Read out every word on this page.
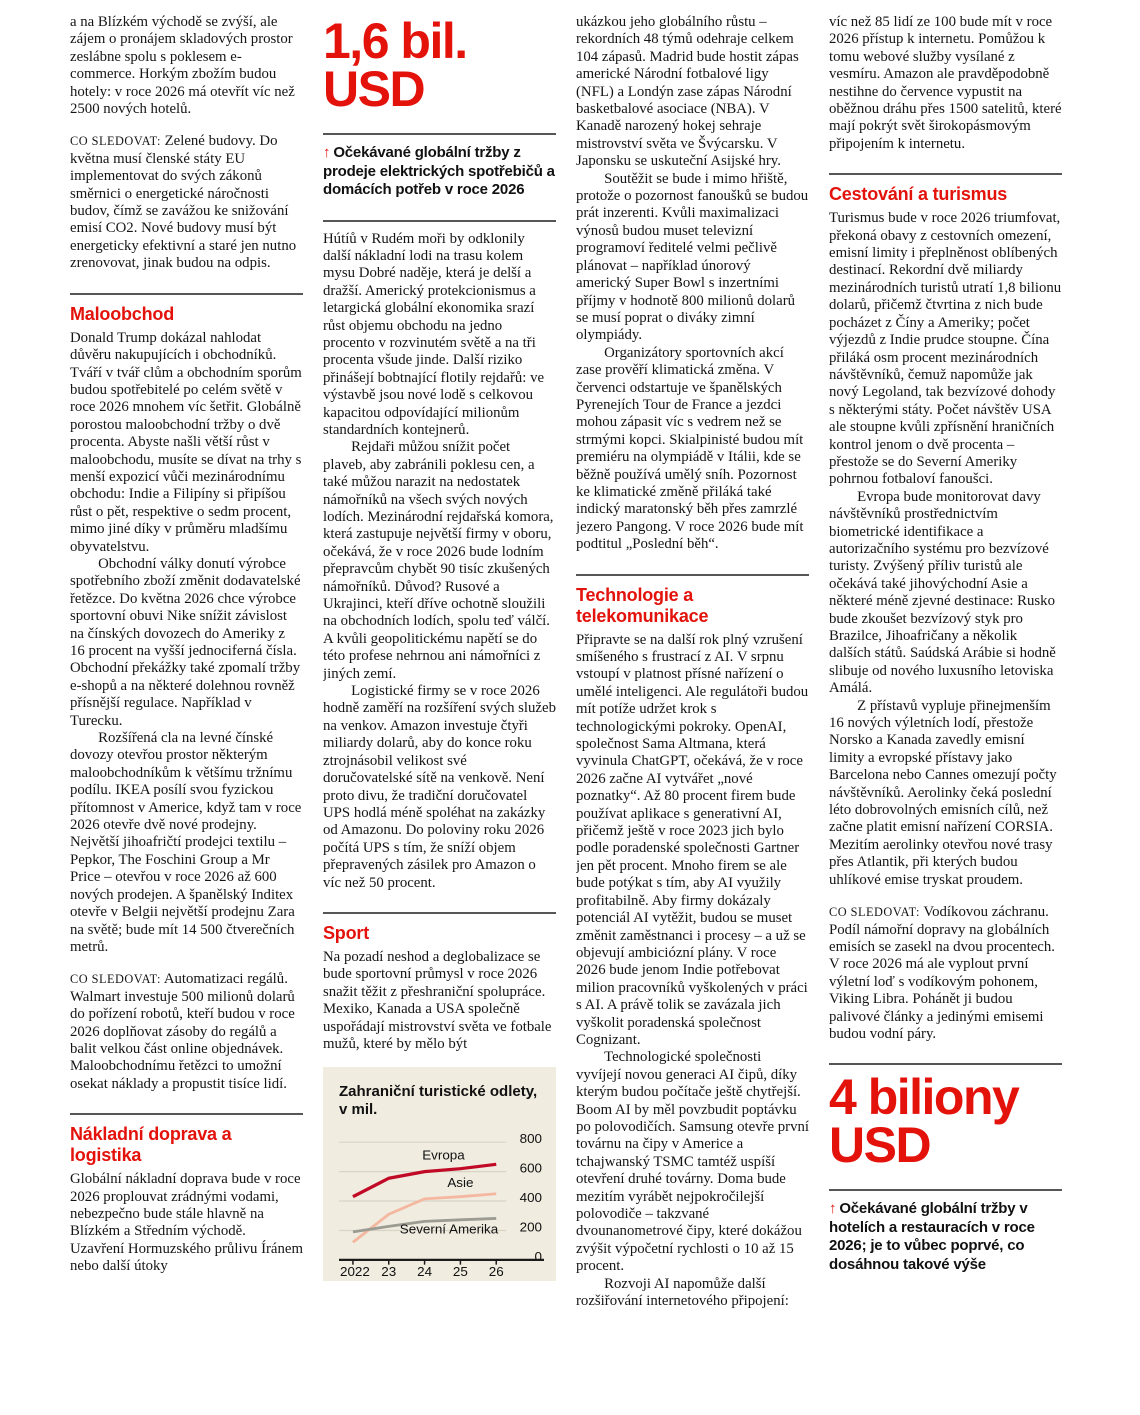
a na Blízkém východě se zvýší, ale zájem o pronájem skladových prostor zeslábne spolu s poklesem e-commerce. Horkým zbožím budou hotely: v roce 2026 má otevřít víc než 2500 nových hotelů.

CO SLEDOVAT: Zelené budovy. Do května musí členské státy EU implementovat do svých zákonů směrnici o energetické náročnosti budov, čímž se zavážou ke snižování emisí CO2. Nové budovy musí být energeticky efektivní a staré jen nutno zrenovovat, jinak budou na odpis.

Maloobchod

Donald Trump dokázal nahlodat důvěru nakupujících i obchodníků. Tváří v tvář clům a obchodním sporům budou spotřebitelé po celém světě v roce 2026 mnohem víc šetřit. Globálně porostou maloobchodní tržby o dvě procenta. Abyste našli větší růst v maloobchodu, musíte se dívat na trhy s menší expozicí vůči mezinárodnímu obchodu: Indie a Filipíny si připíšou růst o pět, respektive o sedm procent, mimo jiné díky v průměru mladšímu obyvatelstvu.

Obchodní války donutí výrobce spotřebního zboží změnit dodavatelské řetězce. Do května 2026 chce výrobce sportovní obuvi Nike snížit závislost na čínských dovozech do Ameriky z 16 procent na vyšší jednociferná čísla. Obchodní překážky také zpomalí tržby e-shopů a na některé dolehnou rovněž přísnější regulace. Například v Turecku.

Rozšířená cla na levné čínské dovozy otevřou prostor některým maloobchodníkům k většímu tržnímu podílu. IKEA posílí svou fyzickou přítomnost v Americe, když tam v roce 2026 otevře dvě nové prodejny. Největší jihoafričtí prodejci textilu – Pepkor, The Foschini Group a Mr Price – otevřou v roce 2026 až 600 nových prodejen. A španělský Inditex otevře v Belgii největší prodejnu Zara na světě; bude mít 14 500 čtverečních metrů.

CO SLEDOVAT: Automatizaci regálů. Walmart investuje 500 milionů dolarů do pořízení robotů, kteří budou v roce 2026 doplňovat zásoby do regálů a balit velkou část online objednávek. Maloobchodnímu řetězci to umožní osekat náklady a propustit tisíce lidí.

Nákladní doprava a logistika

Globální nákladní doprava bude v roce 2026 proplouvat zrádnými vodami, nebezpečno bude stále hlavně na Blízkém a Středním východě. Uzavření Hormuzského průlivu Íránem nebo další útoky

1,6 bil.
USD

↑ Očekávané globální tržby z prodeje elektrických spotřebičů a domácích potřeb v roce 2026

Hútíů v Rudém moři by odklonily další nákladní lodi na trasu kolem mysu Dobré naděje, která je delší a dražší. Americký protekcionismus a letargická globální ekonomika srazí růst objemu obchodu na jedno procento v rozvinutém světě a na tři procenta všude jinde. Další riziko přinášejí bobtnající flotily rejdařů: ve výstavbě jsou nové lodě s celkovou kapacitou odpovídající milionům standardních kontejnerů.

Rejdaři můžou snížit počet plaveb, aby zabránili poklesu cen, a také můžou narazit na nedostatek námořníků na všech svých nových lodích. Mezinárodní rejdařská komora, která zastupuje největší firmy v oboru, očekává, že v roce 2026 bude lodním přepravcům chybět 90 tisíc zkušených námořníků. Důvod? Rusové a Ukrajinci, kteří dříve ochotně sloužili na obchodních lodích, spolu teď válčí. A kvůli geopolitickému napětí se do této profese nehrnou ani námořníci z jiných zemí.

Logistické firmy se v roce 2026 hodně zaměří na rozšíření svých služeb na venkov. Amazon investuje čtyři miliardy dolarů, aby do konce roku ztrojnásobil velikost své doručovatelské sítě na venkově. Není proto divu, že tradiční doručovatel UPS hodlá méně spoléhat na zakázky od Amazonu. Do poloviny roku 2026 počítá UPS s tím, že sníží objem přepravených zásilek pro Amazon o víc než 50 procent.

Sport

Na pozadí neshod a deglobalizace se bude sportovní průmysl v roce 2026 snažit těžit z přeshraniční spolupráce. Mexiko, Kanada a USA společně uspořádají mistrovství světa ve fotbale mužů, které by mělo být

Zahraniční turistické odlety,
v mil.
800
600
400
200
0
Evropa
Asie
Severní Amerika
2022 23 24 25 26

ukázkou jeho globálního růstu – rekordních 48 týmů odehraje celkem 104 zápasů. Madrid bude hostit zápas americké Národní fotbalové ligy (NFL) a Londýn zase zápas Národní basketbalové asociace (NBA). V Kanadě narozený hokej sehraje mistrovství světa ve Švýcarsku. V Japonsku se uskuteční Asijské hry.

Soutěžit se bude i mimo hřiště, protože o pozornost fanoušků se budou prát inzerenti. Kvůli maximalizaci výnosů budou muset televizní programoví ředitelé velmi pečlivě plánovat – například únorový americký Super Bowl s inzertními příjmy v hodnotě 800 milionů dolarů se musí poprat o diváky zimní olympiády.

Organizátory sportovních akcí zase prověří klimatická změna. V červenci odstartuje ve španělských Pyrenejích Tour de France a jezdci mohou zápasit víc s vedrem než se strmými kopci. Skialpinisté budou mít premiéru na olympiádě v Itálii, kde se běžně používá umělý sníh. Pozornost ke klimatické změně přiláká také indický maratonský běh přes zamrzlé jezero Pangong. V roce 2026 bude mít podtitul „Poslední běh“.

Technologie a telekomunikace

Připravte se na další rok plný vzrušení smíšeného s frustrací z AI. V srpnu vstoupí v platnost přísné nařízení o umělé inteligenci. Ale regulátoři budou mít potíže udržet krok s technologickými pokroky. OpenAI, společnost Sama Altmana, která vyvinula ChatGPT, očekává, že v roce 2026 začne AI vytvářet „nové poznatky“. Až 80 procent firem bude používat aplikace s generativní AI, přičemž ještě v roce 2023 jich bylo podle poradenské společnosti Gartner jen pět procent. Mnoho firem se ale bude potýkat s tím, aby AI využily profitabilně. Aby firmy dokázaly potenciál AI vytěžit, budou se muset změnit zaměstnanci i procesy – a už se objevují ambiciózní plány. V roce 2026 bude jenom Indie potřebovat milion pracovníků vyškolených v práci s AI. A právě tolik se zavázala jich vyškolit poradenská společnost Cognizant.

Technologické společnosti vyvíjejí novou generaci AI čipů, díky kterým budou počítače ještě chytřejší. Boom AI by měl povzbudit poptávku po polovodičích. Samsung otevře první továrnu na čipy v Americe a tchajwanský TSMC tamtéž uspíší otevření druhé továrny. Doma bude mezitím vyrábět nejpokročilejší polovodiče – takzvané dvounanometrové čipy, které dokážou zvýšit výpočetní rychlosti o 10 až 15 procent.

Rozvoji AI napomůže další rozšiřování internetového připojení:

víc než 85 lidí ze 100 bude mít v roce 2026 přístup k internetu. Pomůžou k tomu webové služby vysílané z vesmíru. Amazon ale pravděpodobně nestihne do července vypustit na oběžnou dráhu přes 1500 satelitů, které mají pokrýt svět širokopásmovým připojením k internetu.

Cestování a turismus

Turismus bude v roce 2026 triumfovat, překoná obavy z cestovních omezení, emisní limity i přeplněnost oblíbených destinací. Rekordní dvě miliardy mezinárodních turistů utratí 1,8 bilionu dolarů, přičemž čtvrtina z nich bude pocházet z Číny a Ameriky; počet výjezdů z Indie prudce stoupne. Čína přiláká osm procent mezinárodních návštěvníků, čemuž napomůže jak nový Legoland, tak bezvízové dohody s některými státy. Počet návštěv USA ale stoupne kvůli zpřísnění hraničních kontrol jenom o dvě procenta – přestože se do Severní Ameriky pohrnou fotbaloví fanoušci.

Evropa bude monitorovat davy návštěvníků prostřednictvím biometrické identifikace a autorizačního systému pro bezvízové turisty. Zvýšený příliv turistů ale očekává také jihovýchodní Asie a některé méně zjevné destinace: Rusko bude zkoušet bezvízový styk pro Brazilce, Jihoafričany a několik dalších států. Saúdská Arábie si hodně slibuje od nového luxusního letoviska Amálá.

Z přístavů vypluje přinejmenším 16 nových výletních lodí, přestože Norsko a Kanada zavedly emisní limity a evropské přístavy jako Barcelona nebo Cannes omezují počty návštěvníků. Aerolinky čeká poslední léto dobrovolných emisních cílů, než začne platit emisní nařízení CORSIA. Mezitím aerolinky otevřou nové trasy přes Atlantik, při kterých budou uhlíkové emise tryskat proudem.

CO SLEDOVAT: Vodíkovou záchranu. Podíl námořní dopravy na globálních emisích se zasekl na dvou procentech. V roce 2026 má ale vyplout první výletní loď s vodíkovým pohonem, Viking Libra. Pohánět ji budou palivové články a jedinými emisemi budou vodní páry.

4 biliony
USD

↑ Očekávané globální tržby v hotelích a restauracích v roce 2026; je to vůbec poprvé, co dosáhnou takové výše
